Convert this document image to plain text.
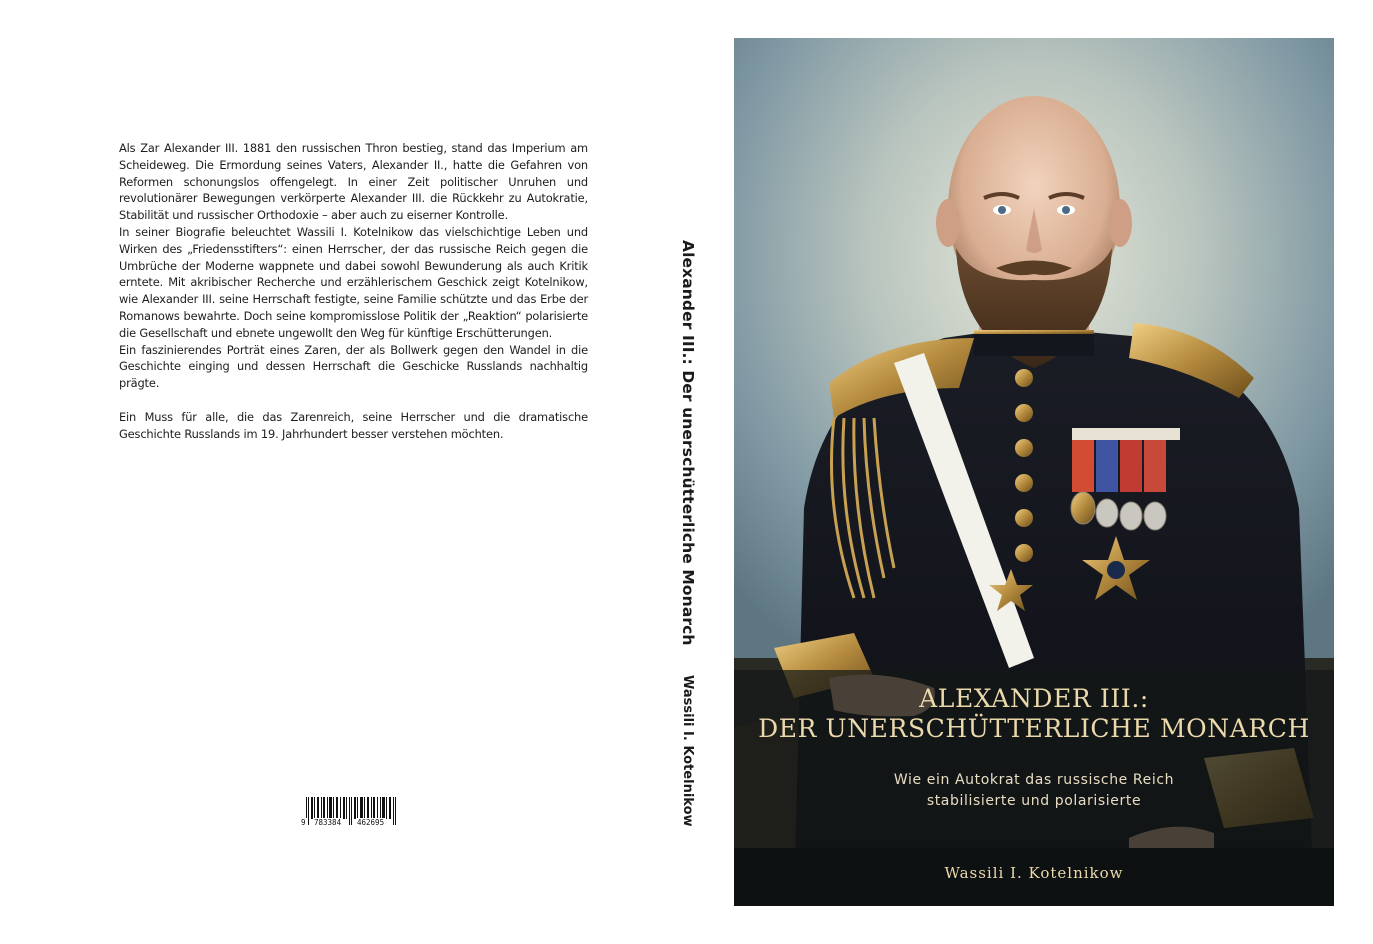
Als Zar Alexander III. 1881 den russischen Thron bestieg, stand das Imperium am Scheideweg. Die Ermordung seines Vaters, Alexander II., hatte die Gefahren von Reformen schonungslos offengelegt. In einer Zeit politischer Unruhen und revolutionärer Bewegungen verkörperte Alexander III. die Rückkehr zu Autokratie, Stabilität und russischer Orthodoxie – aber auch zu eiserner Kontrolle.

In seiner Biografie beleuchtet Wassili I. Kotelnikow das vielschichtige Leben und Wirken des „Friedensstifters“: einen Herrscher, der das russische Reich gegen die Umbrüche der Moderne wappnete und dabei sowohl Bewunderung als auch Kritik erntete. Mit akribischer Recherche und erzählerischem Geschick zeigt Kotelnikow, wie Alexander III. seine Herrschaft festigte, seine Familie schützte und das Erbe der Romanows bewahrte. Doch seine kompromisslose Politik der „Reaktion“ polarisierte die Gesellschaft und ebnete ungewollt den Weg für künftige Erschütterungen.

Ein faszinierendes Porträt eines Zaren, der als Bollwerk gegen den Wandel in die Geschichte einging und dessen Herrschaft die Geschicke Russlands nachhaltig prägte.

Ein Muss für alle, die das Zarenreich, seine Herrscher und die dramatische Geschichte Russlands im 19. Jahrhundert besser verstehen möchten.

9 783384 462695
Alexander III.: Der unerschütterliche Monarch
Wassili I. Kotelnikow	ALEXANDER III.:
DER UNERSCHÜTTERLICHE MONARCH
Wie ein Autokrat das russische Reich
stabilisierte und polarisierte
Wassili I. Kotelnikow
